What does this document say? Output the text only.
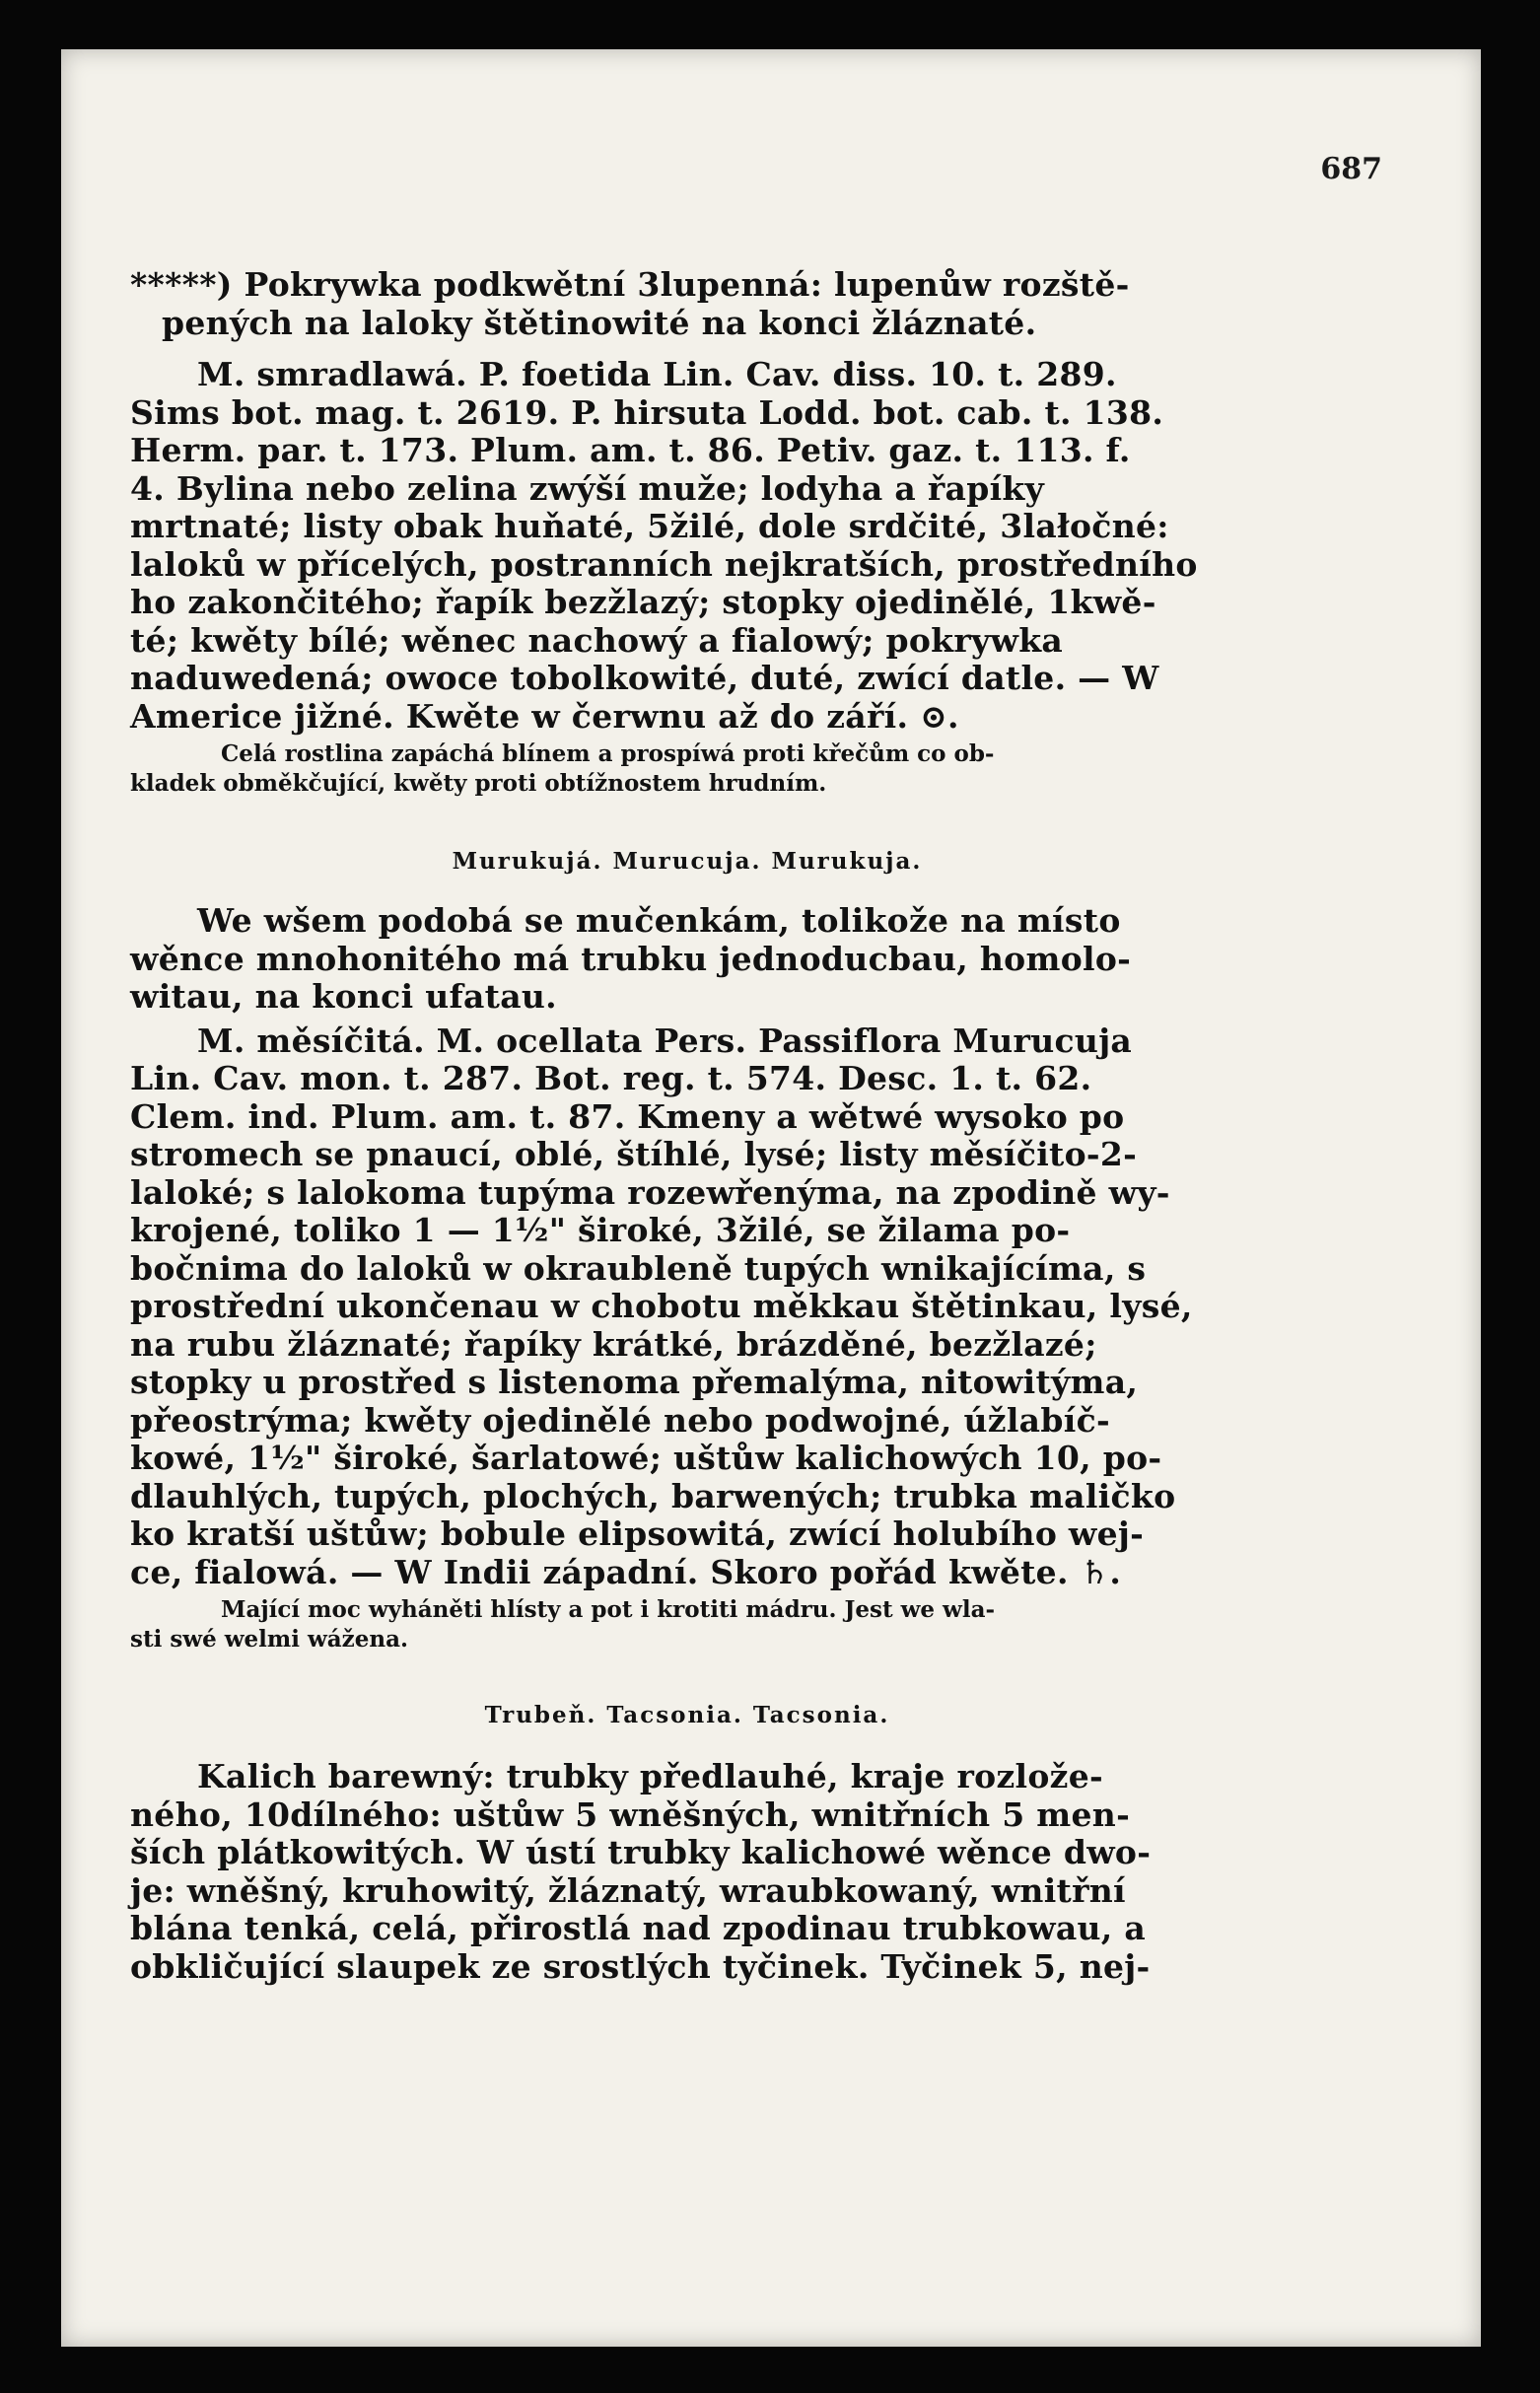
687
*****) Pokrywka podkwětní 3lupenná: lupenůw rozště-
pených na laloky štětinowité na konci žláznaté.
M. smradlawá. P. foetida Lin. Cav. diss. 10. t. 289.
Sims bot. mag. t. 2619. P. hirsuta Lodd. bot. cab. t. 138.
Herm. par. t. 173. Plum. am. t. 86. Petiv. gaz. t. 113. f.
4. Bylina nebo zelina zwýší muže; lodyha a řapíky
mrtnaté; listy obak huňaté, 5žilé, dole srdčité, 3lałočné:
laloků w přícelých, postranních nejkratších, prostředního
ho zakončitého; řapík bezžlazý; stopky ojedinělé, 1kwě-
té; kwěty bílé; wěnec nachowý a fialowý; pokrywka
naduwedená; owoce tobolkowité, duté, zwící datle. — W
Americe jižné. Kwěte w čerwnu až do září. ⊙.
Celá rostlina zapáchá blínem a prospíwá proti křečům co ob-
kladek obměkčující, kwěty proti obtížnostem hrudním.
Murukujá. Murucuja. Murukuja.
We wšem podobá se mučenkám, tolikože na místo
wěnce mnohonitého má trubku jednoducbau, homolo-
witau, na konci ufatau.
M. měsíčitá. M. ocellata Pers. Passiflora Murucuja
Lin. Cav. mon. t. 287. Bot. reg. t. 574. Desc. 1. t. 62.
Clem. ind. Plum. am. t. 87. Kmeny a wětwé wysoko po
stromech se pnaucí, oblé, štíhlé, lysé; listy měsíčito-2-
laloké; s lalokoma tupýma rozewřenýma, na zpodině wy-
krojené, toliko 1 — 1½" široké, 3žilé, se žilama po-
bočnima do laloků w okraubleně tupých wnikajícíma, s
prostřední ukončenau w chobotu měkkau štětinkau, lysé,
na rubu žláznaté; řapíky krátké, brázděné, bezžlazé;
stopky u prostřed s listenoma přemalýma, nitowitýma,
přeostrýma; kwěty ojedinělé nebo podwojné, úžlabíč-
kowé, 1½" široké, šarlatowé; uštůw kalichowých 10, po-
dlauhlých, tupých, plochých, barwených; trubka maličko
ko kratší uštůw; bobule elipsowitá, zwící holubího wej-
ce, fialowá. — W Indii západní. Skoro pořád kwěte. ♄.
Mající moc wyháněti hlísty a pot i krotiti mádru. Jest we wla-
sti swé welmi wážena.
Trubeň. Tacsonia. Tacsonia.
Kalich barewný: trubky předlauhé, kraje rozlože-
ného, 10dílného: uštůw 5 wněšných, wnitřních 5 men-
ších plátkowitých. W ústí trubky kalichowé wěnce dwo-
je: wněšný, kruhowitý, žláznatý, wraubkowaný, wnitřní
blána tenká, celá, přirostlá nad zpodinau trubkowau, a
obkličující slaupek ze srostlých tyčinek. Tyčinek 5, nej-
